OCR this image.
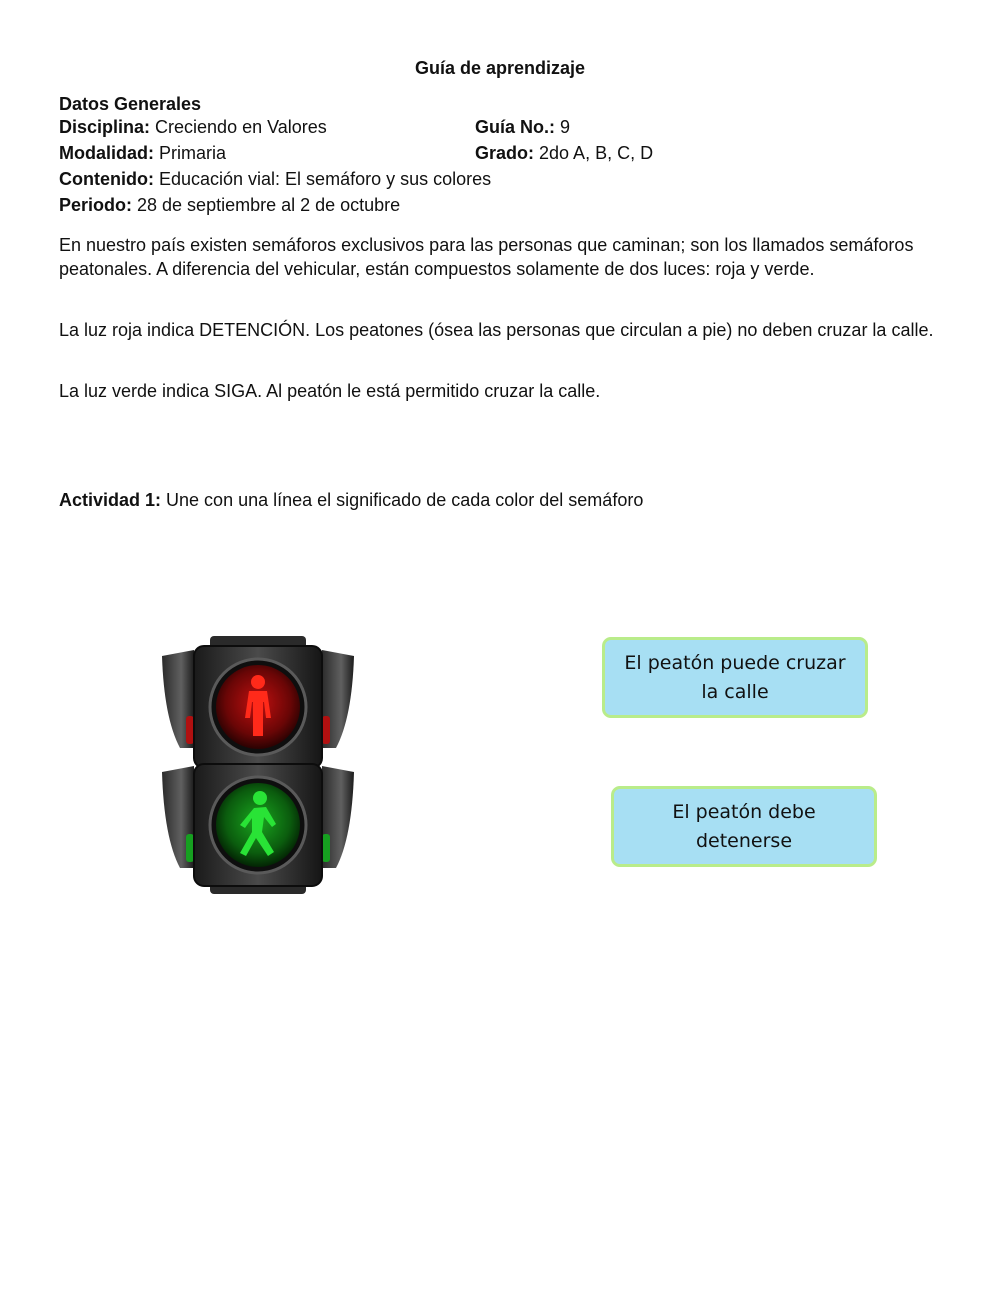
Guía de aprendizaje
Datos Generales
Disciplina: Creciendo en Valores	Guía No.: 9
Modalidad: Primaria	Grado: 2do A, B, C, D
Contenido: Educación vial: El semáforo y sus colores
Periodo: 28 de septiembre al 2 de octubre
En nuestro país existen semáforos exclusivos para las personas que caminan; son los llamados semáforos peatonales. A diferencia del vehicular, están compuestos solamente de dos luces: roja y verde.
La luz roja indica DETENCIÓN. Los peatones (ósea las personas que circulan a pie) no deben cruzar la calle.
La luz verde indica SIGA. Al peatón le está permitido cruzar la calle.
Actividad 1: Une con una línea el significado de cada color del semáforo
El peatón puede cruzar
la calle
El peatón debe
detenerse
